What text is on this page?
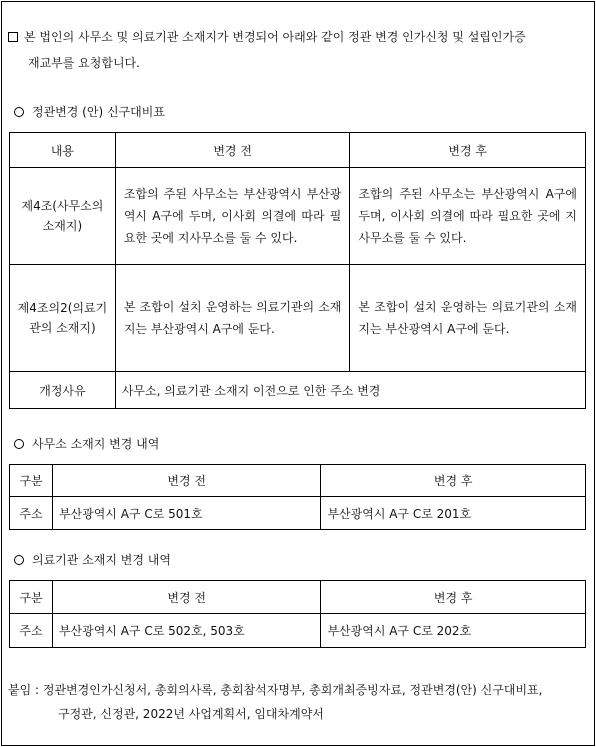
본 법인의 사무소 및 의료기관 소재지가 변경되어 아래와 같이 정관 변경 인가신청 및 설립인가증
재교부를 요청합니다.
정관변경 (안) 신구대비표
내용	변경 전	변경 후
제4조(사무소의 소재지)	조합의 주된 사무소는 부산광역시 부산광역시 A구에 두며, 이사회 의결에 따라 필요한 곳에 지사무소를 둘 수 있다.	조합의 주된 사무소는 부산광역시 A구에 두며, 이사회 의결에 따라 필요한 곳에 지사무소를 둘 수 있다.
제4조의2(의료기관의 소재지)	본 조합이 설치 운영하는 의료기관의 소재지는 부산광역시 A구에 둔다.	본 조합이 설치 운영하는 의료기관의 소재지는 부산광역시 A구에 둔다.
개정사유	사무소, 의료기관 소재지 이전으로 인한 주소 변경	
사무소 소재지 변경 내역
구분	변경 전	변경 후
주소	부산광역시 A구 C로 501호	부산광역시 A구 C로 201호
의료기관 소재지 변경 내역
구분	변경 전	변경 후
주소	부산광역시 A구 C로 502호, 503호	부산광역시 A구 C로 202호
붙임 : 정관변경인가신청서, 총회의사록, 총회참석자명부, 총회개최증빙자료, 정관변경(안) 신구대비표,
구정관, 신정관, 2022년 사업계획서, 임대차계약서
